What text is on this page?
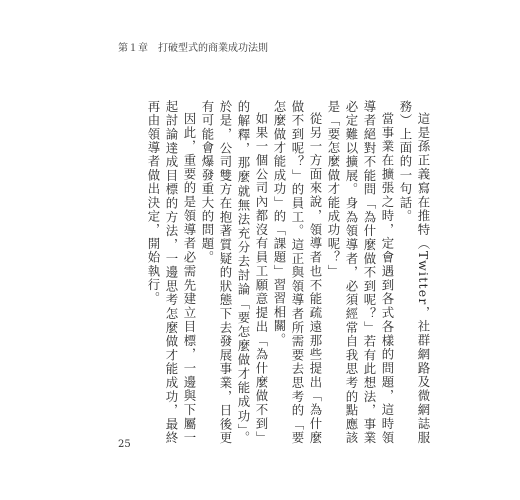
第１章 打破型式的商業成功法則

這是孫正義寫在推特（Twitter，社群網路及微網誌服務）上面的一句話。

當事業在擴張之時，定會遇到各式各樣的問題，這時領導者絕對不能問「為什麼做不到呢？」若有此想法，事業必定難以擴展。身為領導者，必須經常自我思考的點應該是「要怎麼做才能成功呢？」

從另一方面來說，領導者也不能疏遠那些提出「為什麼做不到呢？」的員工。這正與領導者所需要去思考的「要怎麼做才能成功」的「課題」習習相關。

如果一個公司內都沒有員工願意提出「為什麼做不到」的解釋，那麼就無法充分去討論「要怎麼做才能成功」。於是，公司雙方在抱著質疑的狀態下去發展事業，日後更有可能會爆發重大的問題。

因此，重要的是領導者必需先建立目標，一邊與下屬一起討論達成目標的方法，一邊思考怎麼做才能成功，最終再由領導者做出決定，開始執行。

25
